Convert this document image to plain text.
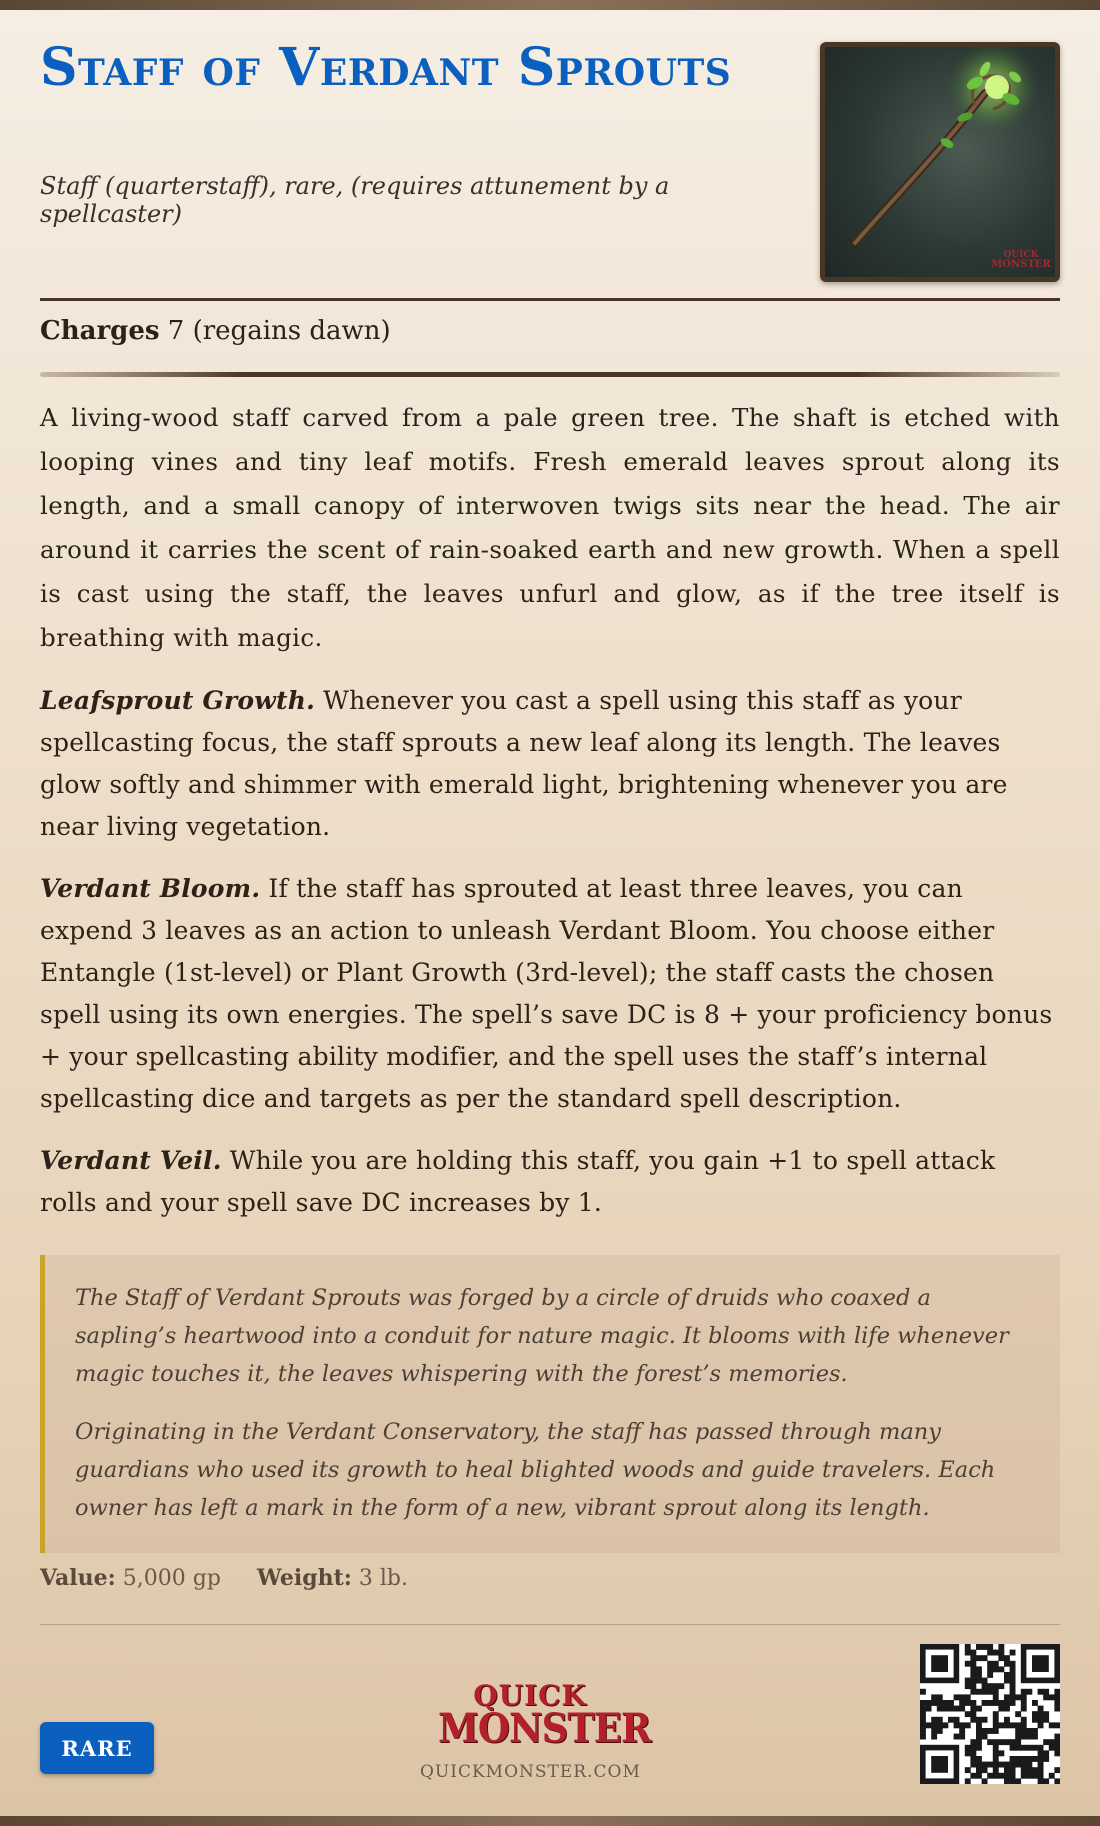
Staff of Verdant Sprouts

Staff (quarterstaff), rare, (requires attunement by a spellcaster)

QUICK
MONSTER
Charges 7 (regains dawn)

A living-wood staff carved from a pale green tree. The shaft is etched with looping vines and tiny leaf motifs. Fresh emerald leaves sprout along its length, and a small canopy of interwoven twigs sits near the head. The air around it carries the scent of rain-soaked earth and new growth. When a spell is cast using the staff, the leaves unfurl and glow, as if the tree itself is breathing with magic.

Leafsprout Growth. Whenever you cast a spell using this staff as your spellcasting focus, the staff sprouts a new leaf along its length. The leaves glow softly and shimmer with emerald light, brightening whenever you are near living vegetation.

Verdant Bloom. If the staff has sprouted at least three leaves, you can expend 3 leaves as an action to unleash Verdant Bloom. You choose either Entangle (1st-level) or Plant Growth (3rd-level); the staff casts the chosen spell using its own energies. The spell’s save DC is 8 + your proficiency bonus + your spellcasting ability modifier, and the spell uses the staff’s internal spellcasting dice and targets as per the standard spell description.

Verdant Veil. While you are holding this staff, you gain +1 to spell attack rolls and your spell save DC increases by 1.

The Staff of Verdant Sprouts was forged by a circle of druids who coaxed a sapling’s heartwood into a conduit for nature magic. It blooms with life whenever magic touches it, the leaves whispering with the forest’s memories.

Originating in the Verdant Conservatory, the staff has passed through many guardians who used its growth to heal blighted woods and guide travelers. Each owner has left a mark in the form of a new, vibrant sprout along its length.

Value: 5,000 gp Weight: 3 lb.
RARE
QUICK
MONSTER
QUICKMONSTER.COM
